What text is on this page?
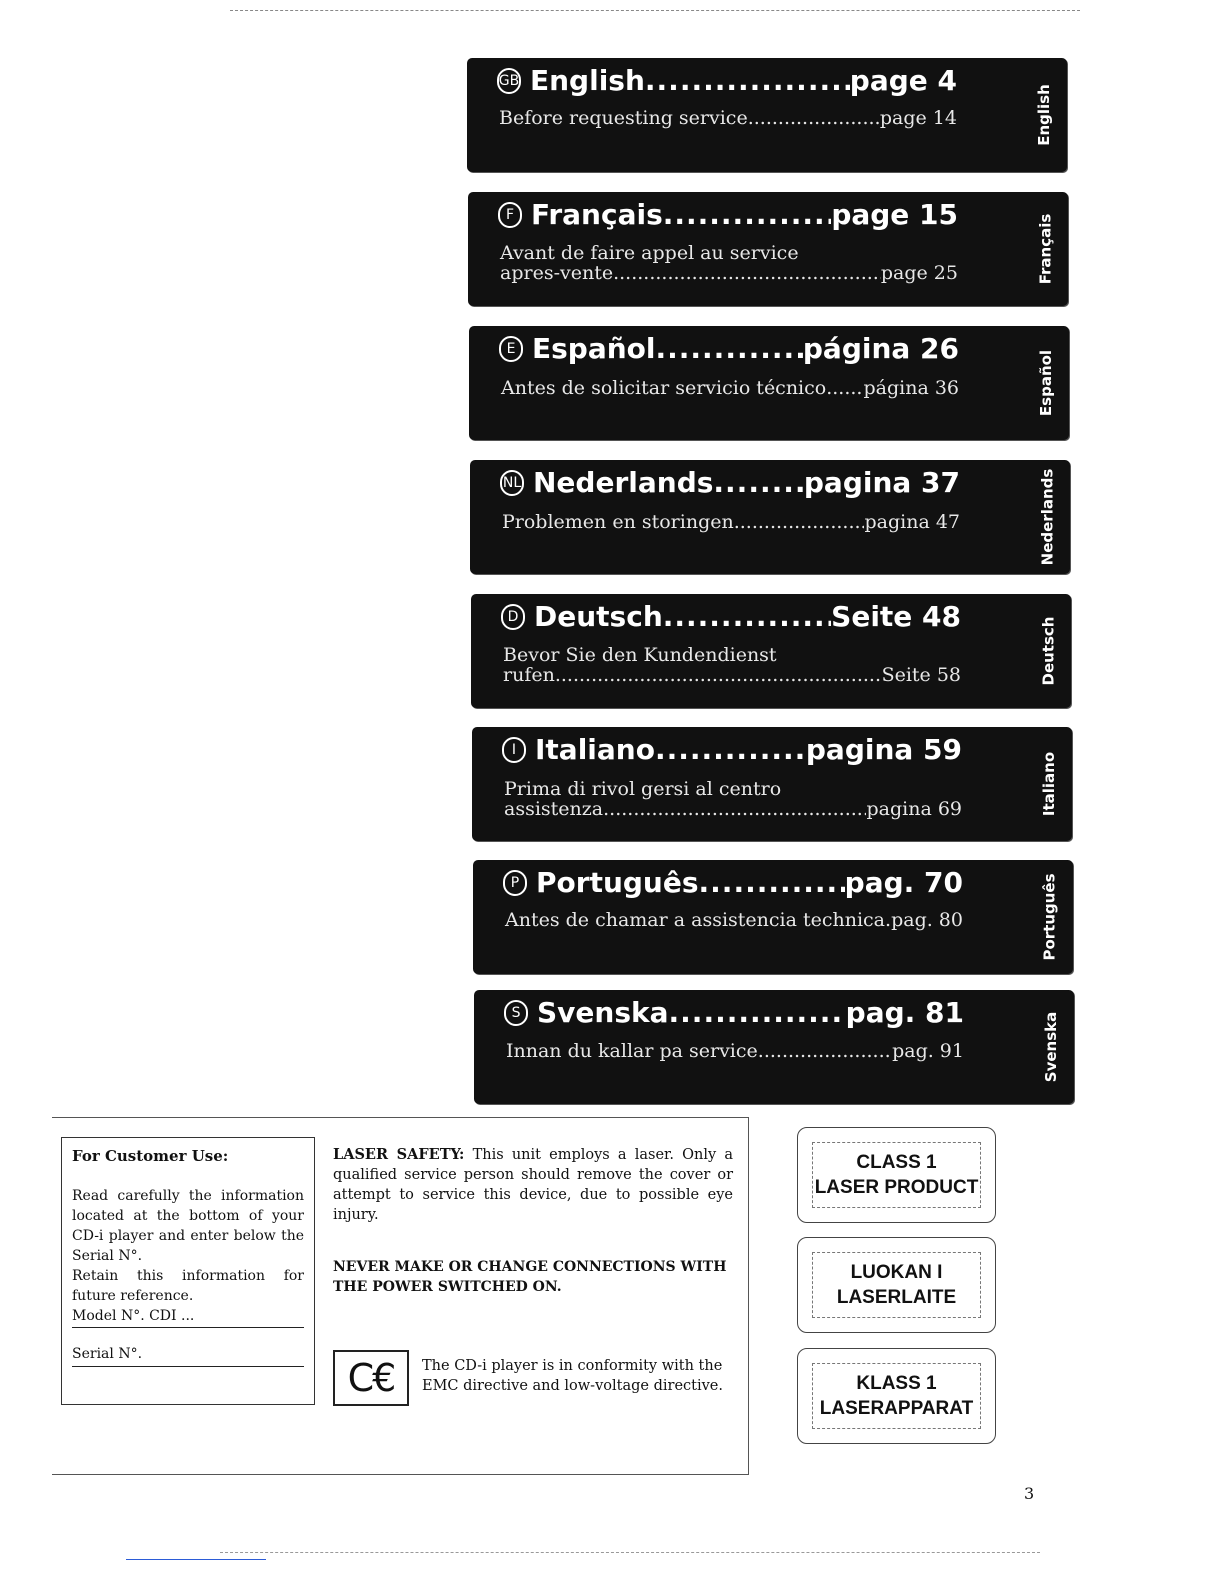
GB English .....	page 4
Before requesting service .....	page 14	English
F Français .....	page 15
Avant de faire appel au service
apres-vente .....	page 25	Français
E Español .....	página 26
Antes de solicitar servicio técnico ..... página 36	Español
NL Nederlands .....	pagina 37
Problemen en storingen .....	pagina 47	Nederlands
D Deutsch .....	Seite 48
Bevor Sie den Kundendienst
rufen .....	Seite 58	Deutsch
I Italiano .....	pagina 59
Prima di rivol gersi al centro
assistenza .....	pagina 69	Italiano
P Português .....	pag. 70
Antes de chamar a assistencia technica ..... pag. 80	Português
S Svenska .....	pag. 81
Innan du kallar pa service .....	pag. 91	Svenska
For Customer Use:
Read carefully the information located at the bottom of your CD-i player and enter below the Serial N°.
Retain this information for future reference.
Model N°. CDI ...
Serial N°.
LASER SAFETY: This unit employs a laser. Only a qualified service person should remove the cover or attempt to service this device, due to possible eye injury.
NEVER MAKE OR CHANGE CONNECTIONS WITH THE POWER SWITCHED ON.
C€ The CD-i player is in conformity with the EMC directive and low-voltage directive.
CLASS 1
LASER PRODUCT
LUOKAN I
LASERLAITE
KLASS 1
LASERAPPARAT
3
